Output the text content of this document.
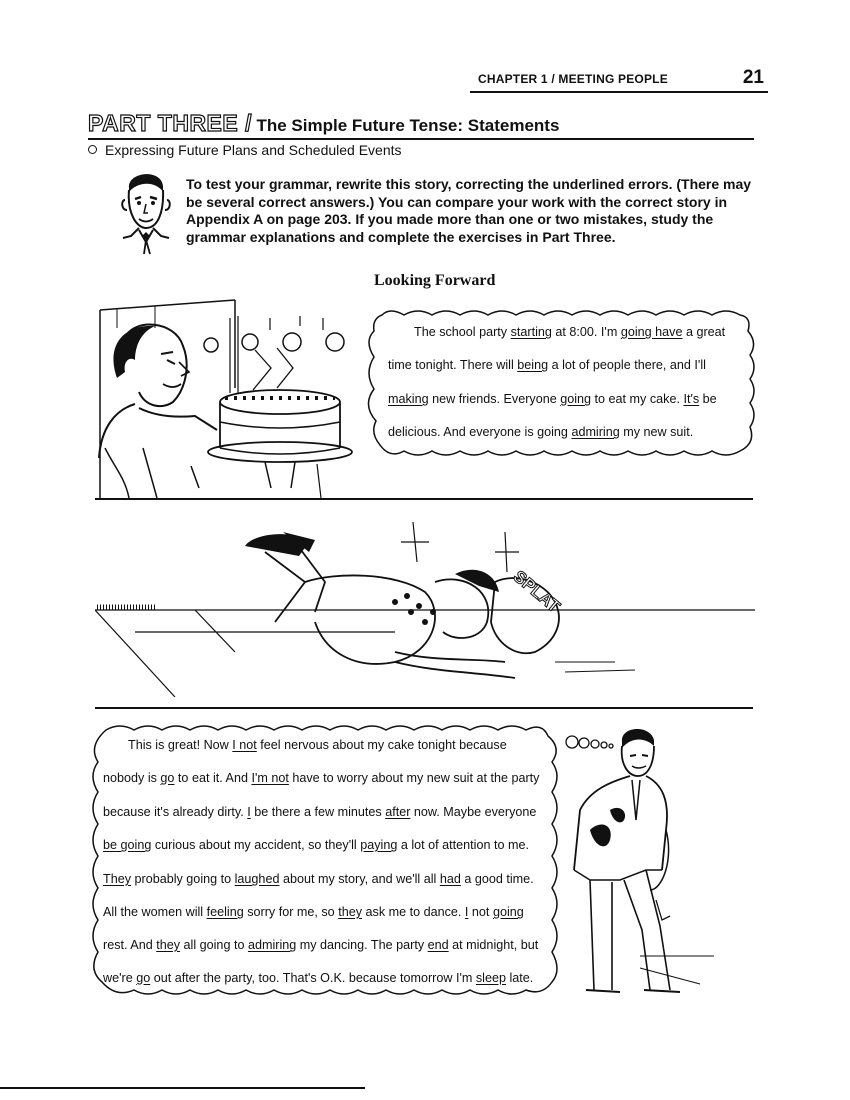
CHAPTER 1 / MEETING PEOPLE	21
PART THREE / The Simple Future Tense: Statements
Expressing Future Plans and Scheduled Events
To test your grammar, rewrite this story, correcting the underlined errors. (There may be several correct answers.) You can compare your work with the correct story in Appendix A on page 203. If you made more than one or two mistakes, study the grammar explanations and complete the exercises in Part Three.
Looking Forward
The school party starting at 8:00. I'm going have a great
time tonight. There will being a lot of people there, and I'll
making new friends. Everyone going to eat my cake. It's be
delicious. And everyone is going admiring my new suit.
SPLAT
This is great! Now I not feel nervous about my cake tonight because
nobody is go to eat it. And I'm not have to worry about my new suit at the party
because it's already dirty. I be there a few minutes after now. Maybe everyone
be going curious about my accident, so they'll paying a lot of attention to me.
They probably going to laughed about my story, and we'll all had a good time.
All the women will feeling sorry for me, so they ask me to dance. I not going
rest. And they all going to admiring my dancing. The party end at midnight, but
we're go out after the party, too. That's O.K. because tomorrow I'm sleep late.
